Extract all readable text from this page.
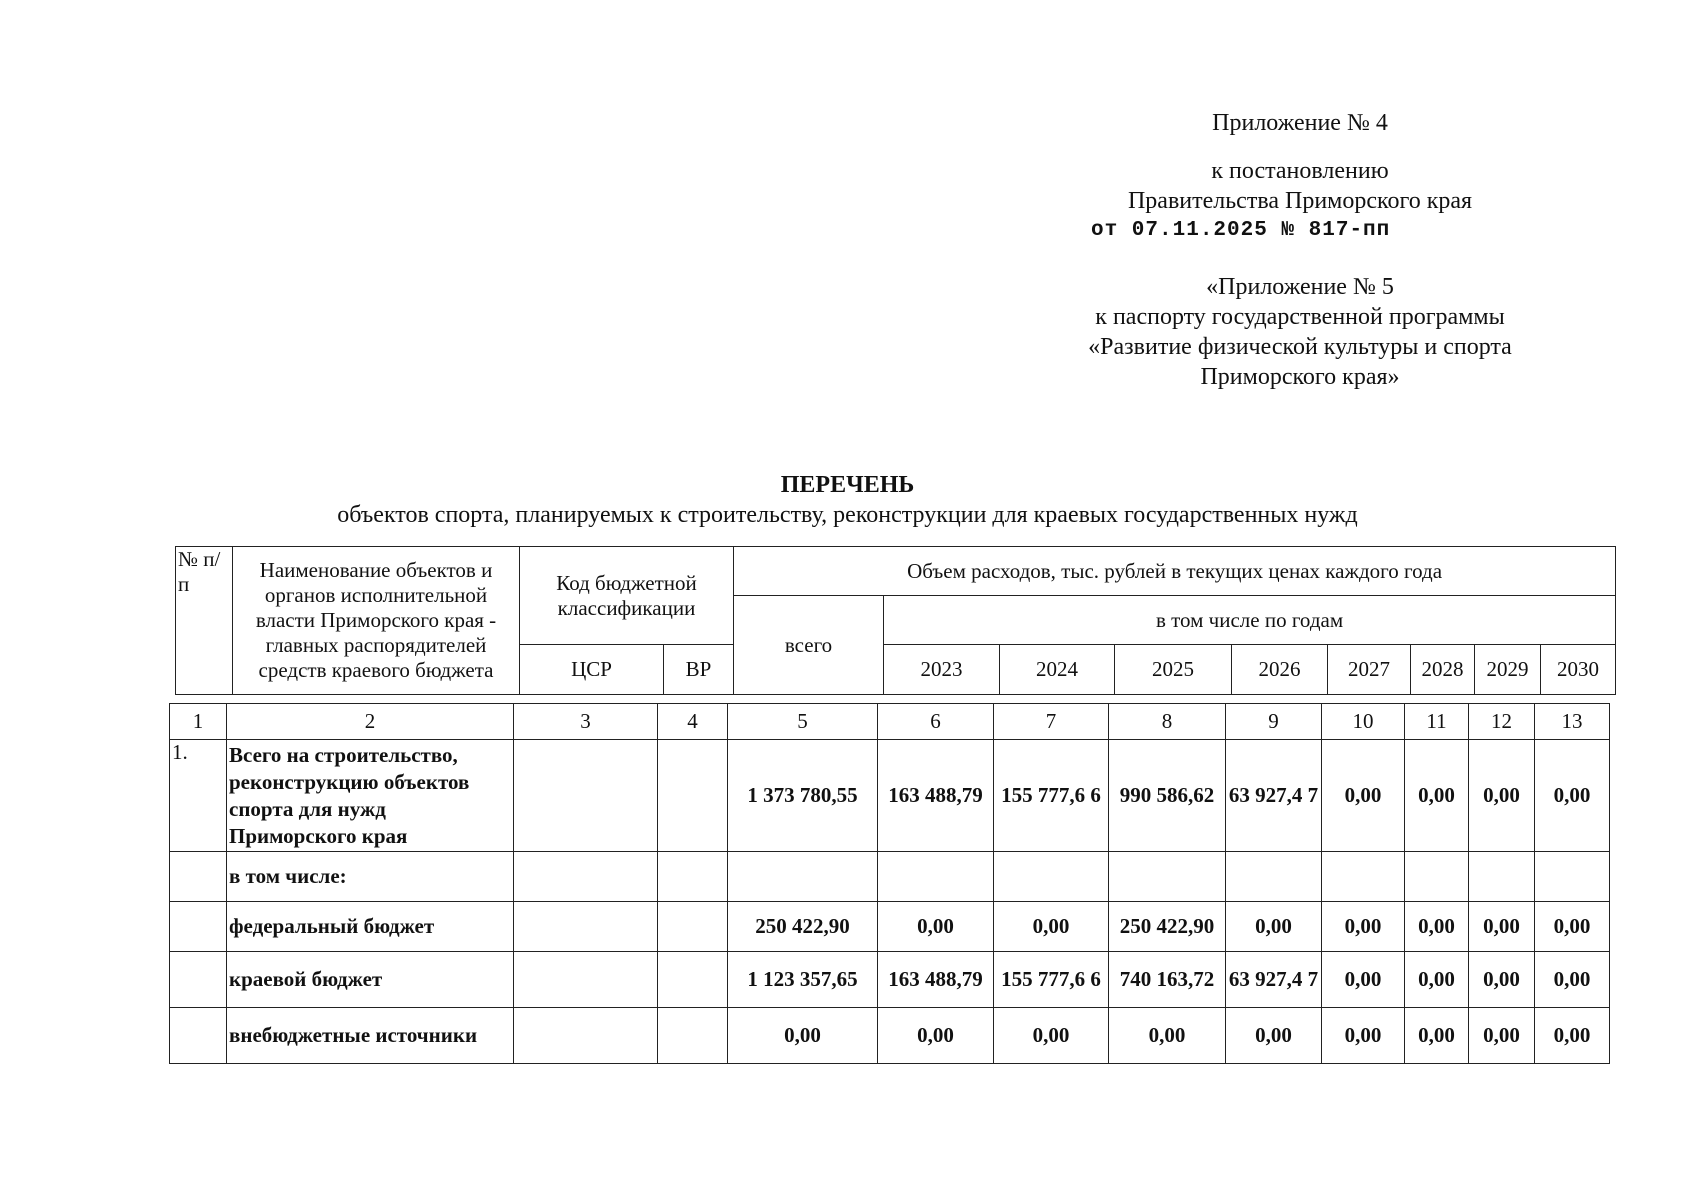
Приложение № 4
к постановлению
Правительства Приморского края
от 07.11.2025 № 817-пп
«Приложение № 5
к паспорту государственной программы
«Развитие физической культуры и спорта
Приморского края»
ПЕРЕЧЕНЬ
объектов спорта, планируемых к строительству, реконструкции для краевых государственных нужд
№ п/п	Наименование объектов и органов исполнительной власти Приморского края - главных распорядителей средств краевого бюджета	Код бюджетной классификации		Объем расходов, тыс. рублей в текущих ценах каждого года								
				всего	в том числе по годам							
		ЦСР	ВР		2023	2024	2025	2026	2027	2028	2029	2030
1	2	3	4	5	6	7	8	9	10	11	12	13
1.	Всего на строительство, реконструкцию объектов спорта для нужд Приморского края			1 373 780,55	163 488,79	155 777,6 6	990 586,62	63 927,4 7	0,00	0,00	0,00	0,00
	в том числе:											
	федеральный бюджет			250 422,90	0,00	0,00	250 422,90	0,00	0,00	0,00	0,00	0,00
	краевой бюджет			1 123 357,65	163 488,79	155 777,6 6	740 163,72	63 927,4 7	0,00	0,00	0,00	0,00
	внебюджетные источники			0,00	0,00	0,00	0,00	0,00	0,00	0,00	0,00	0,00
